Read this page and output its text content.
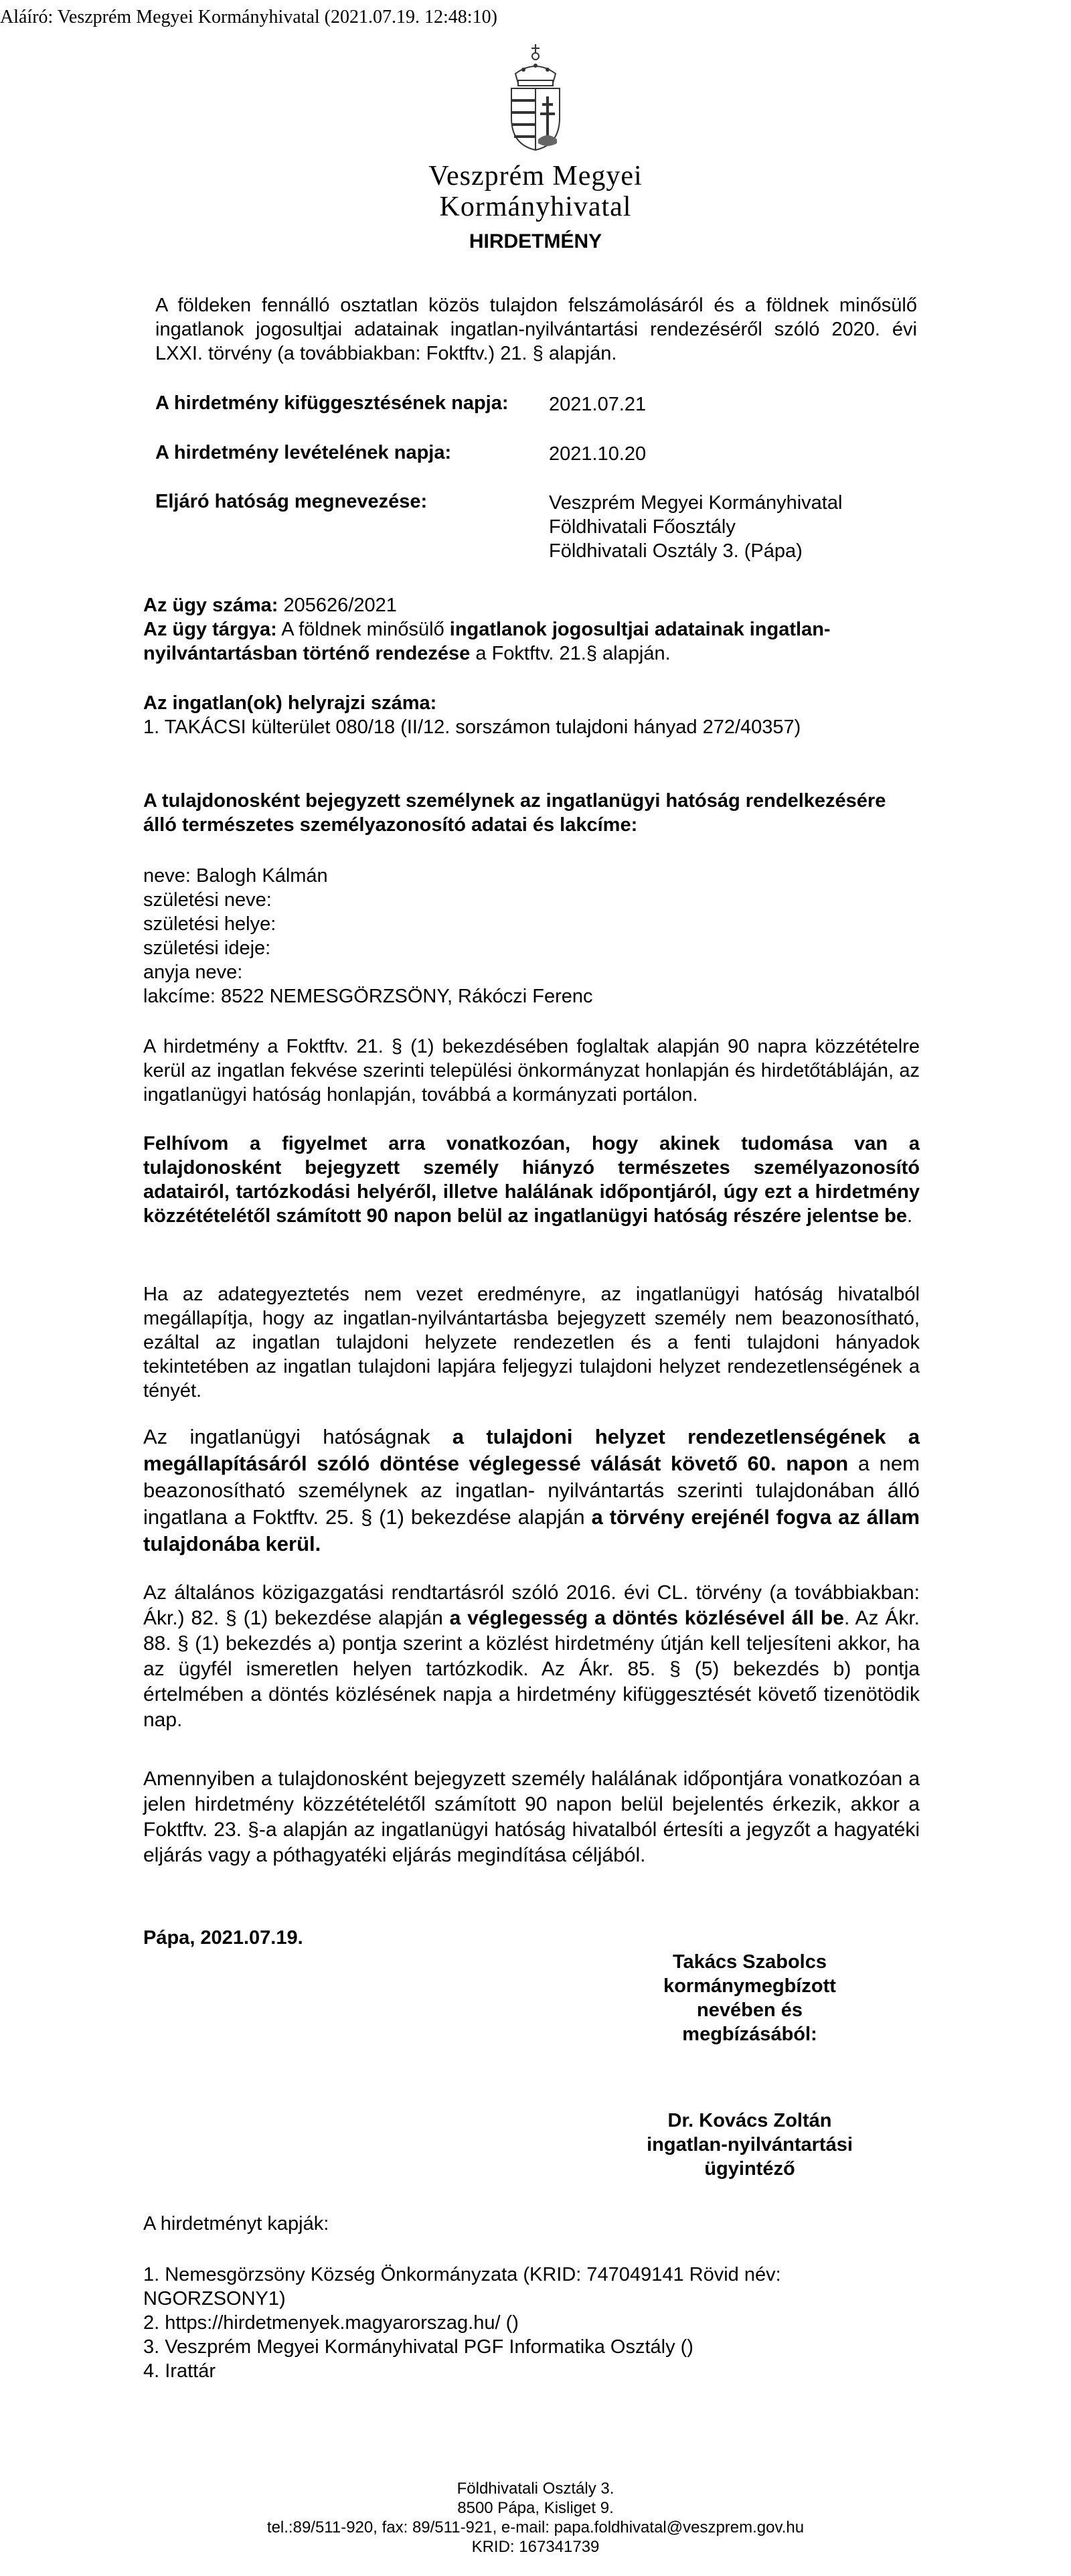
Aláíró: Veszprém Megyei Kormányhivatal (2021.07.19. 12:48:10)
Veszprém Megyei
Kormányhivatal
HIRDETMÉNY
A földeken fennálló osztatlan közös tulajdon felszámolásáról és a földnek minősülő ingatlanok jogosultjai adatainak ingatlan-nyilvántartási rendezéséről szóló 2020. évi LXXI. törvény (a továbbiakban: Foktftv.) 21. § alapján.
A hirdetmény kifüggesztésének napja: 2021.07.21
A hirdetmény levételének napja:	2021.10.20
Eljáró hatóság megnevezése:	Veszprém Megyei Kormányhivatal
Földhivatali Főosztály
Földhivatali Osztály 3. (Pápa)
Az ügy száma: 205626/2021
Az ügy tárgya: A földnek minősülő ingatlanok jogosultjai adatainak ingatlan-nyilvántartásban történő rendezése a Foktftv. 21.§ alapján.
Az ingatlan(ok) helyrajzi száma:
1. TAKÁCSI külterület 080/18 (II/12. sorszámon tulajdoni hányad 272/40357)
A tulajdonosként bejegyzett személynek az ingatlanügyi hatóság rendelkezésére álló természetes személyazonosító adatai és lakcíme:
neve: Balogh Kálmán
születési neve:
születési helye:
születési ideje:
anyja neve:
lakcíme: 8522 NEMESGÖRZSÖNY, Rákóczi Ferenc
A hirdetmény a Foktftv. 21. § (1) bekezdésében foglaltak alapján 90 napra közzétételre kerül az ingatlan fekvése szerinti települési önkormányzat honlapján és hirdetőtábláján, az ingatlanügyi hatóság honlapján, továbbá a kormányzati portálon.
Felhívom a figyelmet arra vonatkozóan, hogy akinek tudomása van a tulajdonosként bejegyzett személy hiányzó természetes személyazonosító adatairól, tartózkodási helyéről, illetve halálának időpontjáról, úgy ezt a hirdetmény közzétételétől számított 90 napon belül az ingatlanügyi hatóság részére jelentse be.
Ha az adategyeztetés nem vezet eredményre, az ingatlanügyi hatóság hivatalból megállapítja, hogy az ingatlan-nyilvántartásba bejegyzett személy nem beazonosítható, ezáltal az ingatlan tulajdoni helyzete rendezetlen és a fenti tulajdoni hányadok tekintetében az ingatlan tulajdoni lapjára feljegyzi tulajdoni helyzet rendezetlenségének a tényét.
Az ingatlanügyi hatóságnak a tulajdoni helyzet rendezetlenségének a megállapításáról szóló döntése véglegessé válását követő 60. napon a nem beazonosítható személynek az ingatlan- nyilvántartás szerinti tulajdonában álló ingatlana a Foktftv. 25. § (1) bekezdése alapján a törvény erejénél fogva az állam tulajdonába kerül.
Az általános közigazgatási rendtartásról szóló 2016. évi CL. törvény (a továbbiakban: Ákr.) 82. § (1) bekezdése alapján a véglegesség a döntés közlésével áll be. Az Ákr. 88. § (1) bekezdés a) pontja szerint a közlést hirdetmény útján kell teljesíteni akkor, ha az ügyfél ismeretlen helyen tartózkodik. Az Ákr. 85. § (5) bekezdés b) pontja értelmében a döntés közlésének napja a hirdetmény kifüggesztését követő tizenötödik nap.
Amennyiben a tulajdonosként bejegyzett személy halálának időpontjára vonatkozóan a jelen hirdetmény közzétételétől számított 90 napon belül bejelentés érkezik, akkor a Foktftv. 23. §-a alapján az ingatlanügyi hatóság hivatalból értesíti a jegyzőt a hagyatéki eljárás vagy a póthagyatéki eljárás megindítása céljából.
Pápa, 2021.07.19.
Takács Szabolcs
kormánymegbízott
nevében és
megbízásából:
Dr. Kovács Zoltán
ingatlan-nyilvántartási
ügyintéző
A hirdetményt kapják:
1. Nemesgörzsöny Község Önkormányzata (KRID: 747049141 Rövid név:
NGORZSONY1)
2. https://hirdetmenyek.magyarorszag.hu/ ()
3. Veszprém Megyei Kormányhivatal PGF Informatika Osztály ()
4. Irattár
Földhivatali Osztály 3.
8500 Pápa, Kisliget 9.
tel.:89/511-920, fax: 89/511-921, e-mail: papa.foldhivatal@veszprem.gov.hu
KRID: 167341739
